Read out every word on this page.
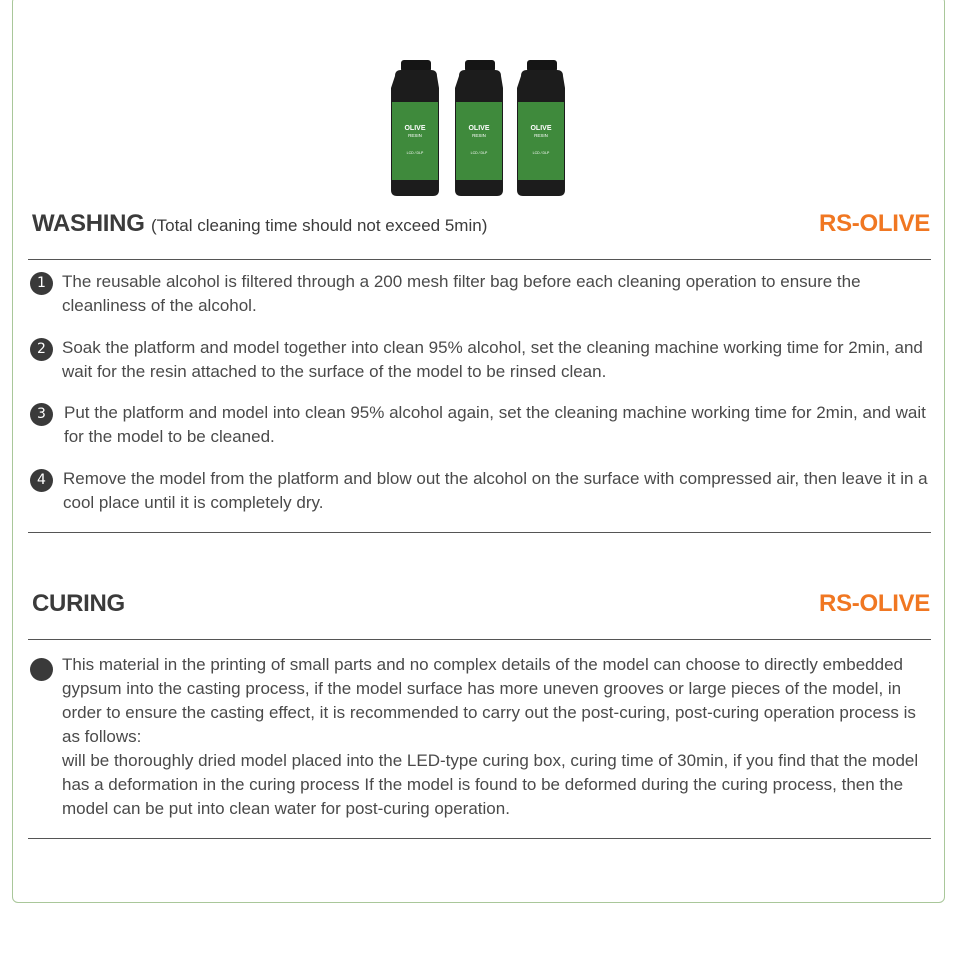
OLIVE
RESIN
LCD / DLP
OLIVE
RESIN
LCD / DLP
OLIVE
RESIN
LCD / DLP
WASHING (Total cleaning time should not exceed 5min)	RS-OLIVE
1 The reusable alcohol is filtered through a 200 mesh filter bag before each cleaning operation to ensure the cleanliness of the alcohol.
2 Soak the platform and model together into clean 95% alcohol, set the cleaning machine working time for 2min, and wait for the resin attached to the surface of the model to be rinsed clean.
3	Put the platform and model into clean 95% alcohol again, set the cleaning machine working time for 2min, and wait for the model to be cleaned.
4	Remove the model from the platform and blow out the alcohol on the surface with compressed air, then leave it in a cool place until it is completely dry.
CURING	RS-OLIVE
This material in the printing of small parts and no complex details of the model can choose to directly embedded gypsum into the casting process, if the model surface has more uneven grooves or large pieces of the model, in order to ensure the casting effect, it is recommended to carry out the post-curing, post-curing operation process is as follows:
will be thoroughly dried model placed into the LED-type curing box, curing time of 30min, if you find that the model has a deformation in the curing process If the model is found to be deformed during the curing process, then the model can be put into clean water for post-curing operation.
